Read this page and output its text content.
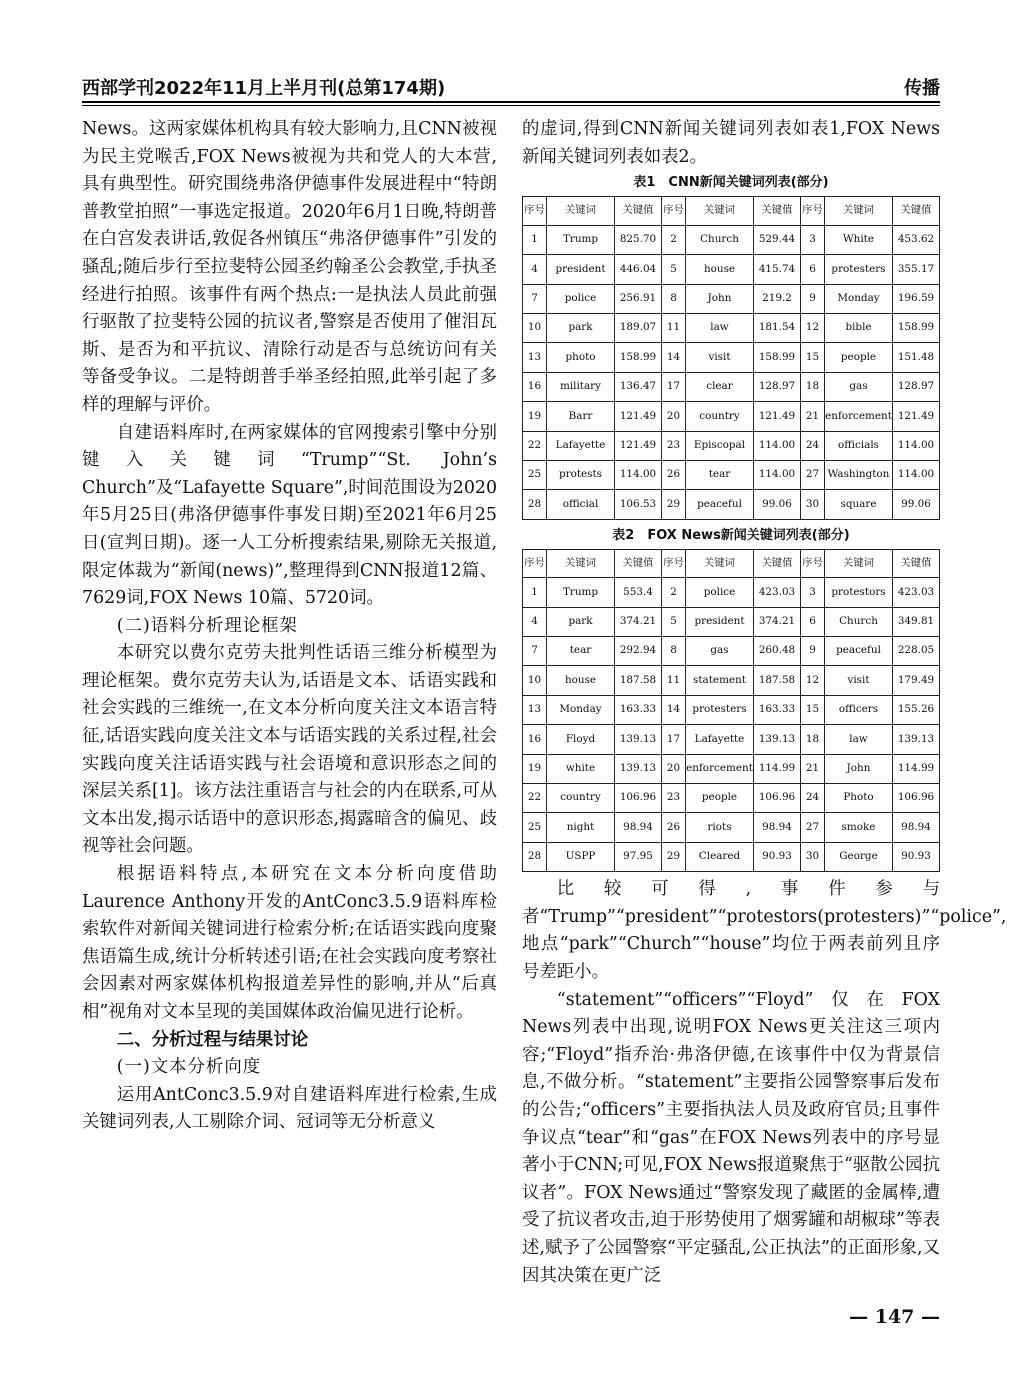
西部学刊2022年11月上半月刊(总第174期)	传播

News。这两家媒体机构具有较大影响力,且CNN被视为民主党喉舌,FOX News被视为共和党人的大本营,具有典型性。研究围绕弗洛伊德事件发展进程中“特朗普教堂拍照”一事选定报道。2020年6月1日晚,特朗普在白宫发表讲话,敦促各州镇压“弗洛伊德事件”引发的骚乱;随后步行至拉斐特公园圣约翰圣公会教堂,手执圣经进行拍照。该事件有两个热点:一是执法人员此前强行驱散了拉斐特公园的抗议者,警察是否使用了催泪瓦斯、是否为和平抗议、清除行动是否与总统访问有关等备受争议。二是特朗普手举圣经拍照,此举引起了多样的理解与评价。

自建语料库时,在两家媒体的官网搜索引擎中分别键入关键词“Trump”“St. John’s Church”及“Lafayette Square”,时间范围设为2020年5月25日(弗洛伊德事件事发日期)至2021年6月25日(宣判日期)。逐一人工分析搜索结果,剔除无关报道,限定体裁为“新闻(news)”,整理得到CNN报道12篇、7629词,FOX News 10篇、5720词。

(二)语料分析理论框架

本研究以费尔克劳夫批判性话语三维分析模型为理论框架。费尔克劳夫认为,话语是文本、话语实践和社会实践的三维统一,在文本分析向度关注文本语言特征,话语实践向度关注文本与话语实践的关系过程,社会实践向度关注话语实践与社会语境和意识形态之间的深层关系[1]。该方法注重语言与社会的内在联系,可从文本出发,揭示话语中的意识形态,揭露暗含的偏见、歧视等社会问题。

根据语料特点,本研究在文本分析向度借助Laurence Anthony开发的AntConc3.5.9语料库检索软件对新闻关键词进行检索分析;在话语实践向度聚焦语篇生成,统计分析转述引语;在社会实践向度考察社会因素对两家媒体机构报道差异性的影响,并从“后真相”视角对文本呈现的美国媒体政治偏见进行论析。

二、分析过程与结果讨论

(一)文本分析向度

运用AntConc3.5.9对自建语料库进行检索,生成关键词列表,人工剔除介词、冠词等无分析意义

的虚词,得到CNN新闻关键词列表如表1,FOX News新闻关键词列表如表2。

表1　CNN新闻关键词列表(部分)
序号	关键词	关键值	序号	关键词	关键值	序号	关键词	关键值
1	Trump	825.70	2	Church	529.44	3	White	453.62
4	president	446.04	5	house	415.74	6	protesters	355.17
7	police	256.91	8	John	219.2	9	Monday	196.59
10	park	189.07	11	law	181.54	12	bible	158.99
13	photo	158.99	14	visit	158.99	15	people	151.48
16	military	136.47	17	clear	128.97	18	gas	128.97
19	Barr	121.49	20	country	121.49	21	enforcement	121.49
22	Lafayette	121.49	23	Episcopal	114.00	24	officials	114.00
25	protests	114.00	26	tear	114.00	27	Washington	114.00
28	official	106.53	29	peaceful	99.06	30	square	99.06
表2　FOX News新闻关键词列表(部分)
序号	关键词	关键值	序号	关键词	关键值	序号	关键词	关键值
1	Trump	553.4	2	police	423.03	3	protestors	423.03
4	park	374.21	5	president	374.21	6	Church	349.81
7	tear	292.94	8	gas	260.48	9	peaceful	228.05
10	house	187.58	11	statement	187.58	12	visit	179.49
13	Monday	163.33	14	protesters	163.33	15	officers	155.26
16	Floyd	139.13	17	Lafayette	139.13	18	law	139.13
19	white	139.13	20	enforcement	114.99	21	John	114.99
22	country	106.96	23	people	106.96	24	Photo	106.96
25	night	98.94	26	riots	98.94	27	smoke	98.94
28	USPP	97.95	29	Cleared	90.93	30	George	90.93

比较可得,事件参与者“Trump”“president”“protestors(protesters)”“police”,地点“park”“Church”“house”均位于两表前列且序号差距小。

“statement”“officers”“Floyd”仅在FOX News列表中出现,说明FOX News更关注这三项内容;“Floyd”指乔治·弗洛伊德,在该事件中仅为背景信息,不做分析。“statement”主要指公园警察事后发布的公告;“officers”主要指执法人员及政府官员;且事件争议点“tear”和“gas”在FOX News列表中的序号显著小于CNN;可见,FOX News报道聚焦于“驱散公园抗议者”。FOX News通过“警察发现了藏匿的金属棒,遭受了抗议者攻击,迫于形势使用了烟雾罐和胡椒球”等表述,赋予了公园警察“平定骚乱,公正执法”的正面形象,又因其决策在更广泛

— 147 —
